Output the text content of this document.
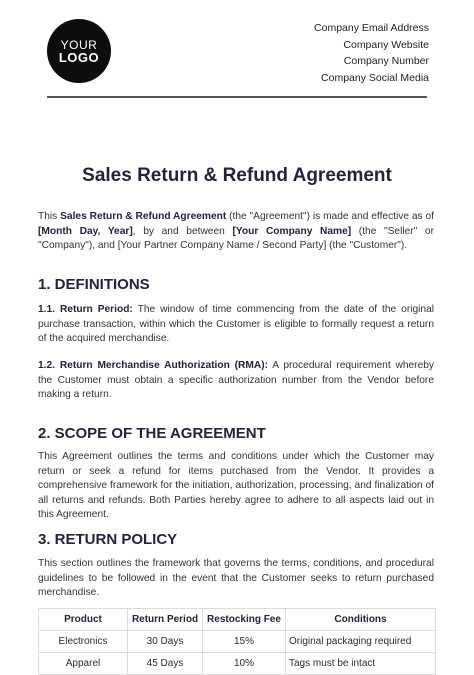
YOUR
LOGO
Company Email Address
Company Website
Company Number
Company Social Media
Sales Return & Refund Agreement

This Sales Return & Refund Agreement (the "Agreement") is made and effective as of [Month Day, Year], by and between [Your Company Name] (the "Seller" or "Company"), and [Your Partner Company Name / Second Party] (the "Customer").

1. DEFINITIONS

1.1. Return Period: The window of time commencing from the date of the original purchase transaction, within which the Customer is eligible to formally request a return of the acquired merchandise.

1.2. Return Merchandise Authorization (RMA): A procedural requirement whereby the Customer must obtain a specific authorization number from the Vendor before making a return.

2. SCOPE OF THE AGREEMENT

This Agreement outlines the terms and conditions under which the Customer may return or seek a refund for items purchased from the Vendor. It provides a comprehensive framework for the initiation, authorization, processing, and finalization of all returns and refunds. Both Parties hereby agree to adhere to all aspects laid out in this Agreement.

3. RETURN POLICY

This section outlines the framework that governs the terms, conditions, and procedural guidelines to be followed in the event that the Customer seeks to return purchased merchandise.

Product	Return Period	Restocking Fee	Conditions
Electronics	30 Days	15%	Original packaging required
Apparel	45 Days	10%	Tags must be intact
